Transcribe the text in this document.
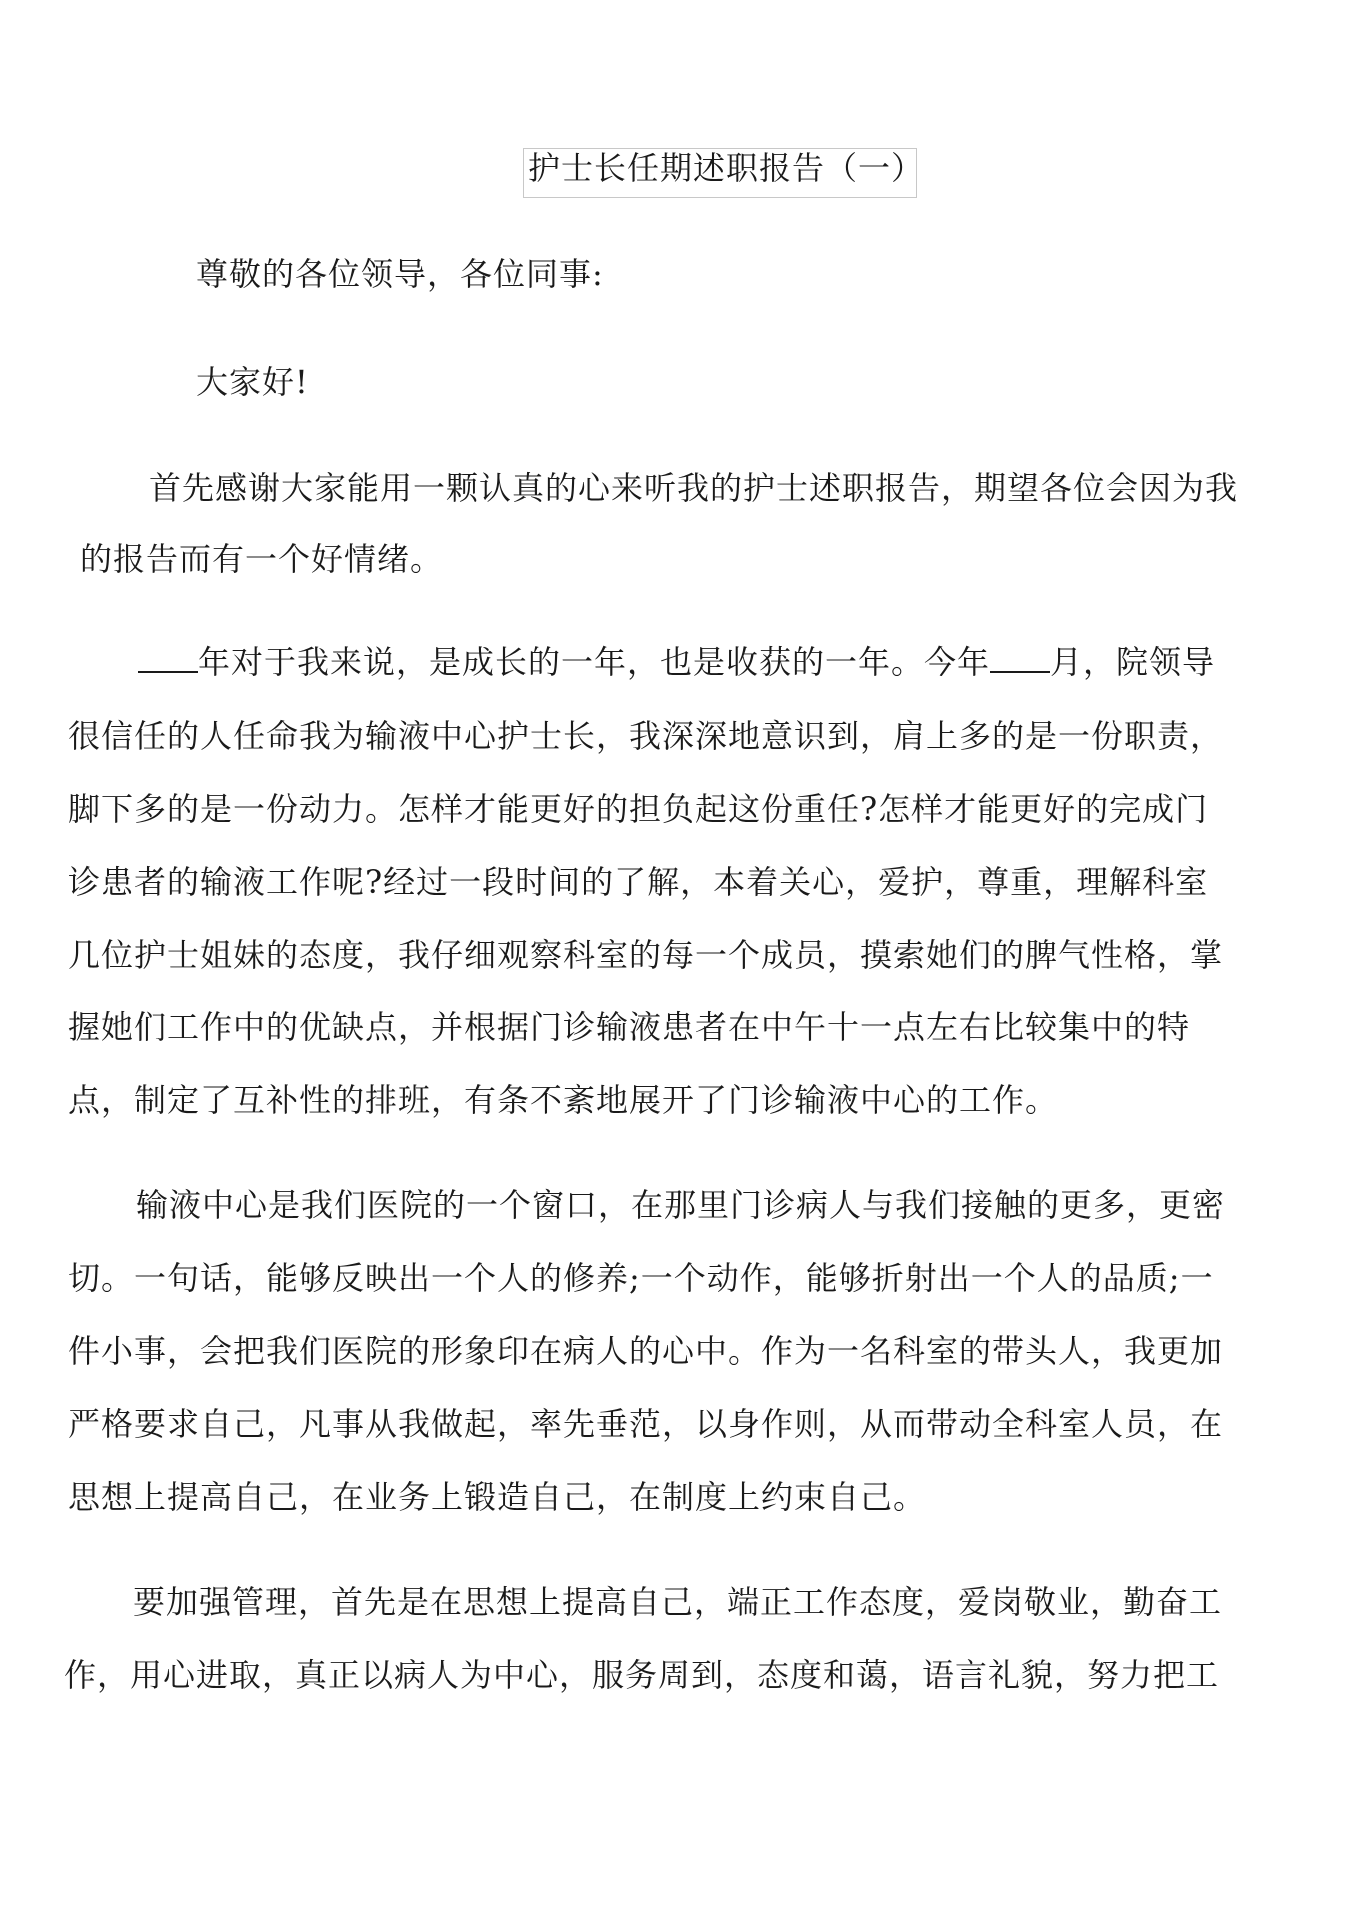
护士长任期述职报告（一）
尊敬的各位领导，各位同事:
大家好!
首先感谢大家能用一颗认真的心来听我的护士述职报告，期望各位会因为我
的报告而有一个好情绪。
年对于我来说，是成长的一年，也是收获的一年。今年 月，院领导
很信任的人任命我为输液中心护士长，我深深地意识到，肩上多的是一份职责，
脚下多的是一份动力。怎样才能更好的担负起这份重任?怎样才能更好的完成门
诊患者的输液工作呢?经过一段时间的了解，本着关心，爱护，尊重，理解科室
几位护士姐妹的态度，我仔细观察科室的每一个成员，摸索她们的脾气性格，掌
握她们工作中的优缺点，并根据门诊输液患者在中午十一点左右比较集中的特
点，制定了互补性的排班，有条不紊地展开了门诊输液中心的工作。
输液中心是我们医院的一个窗口，在那里门诊病人与我们接触的更多，更密
切。一句话，能够反映出一个人的修养;一个动作，能够折射出一个人的品质;一
件小事，会把我们医院的形象印在病人的心中。作为一名科室的带头人，我更加
严格要求自己，凡事从我做起，率先垂范，以身作则，从而带动全科室人员，在
思想上提高自己，在业务上锻造自己，在制度上约束自己。
要加强管理，首先是在思想上提高自己，端正工作态度，爱岗敬业，勤奋工
作，用心进取，真正以病人为中心，服务周到，态度和蔼，语言礼貌，努力把工
